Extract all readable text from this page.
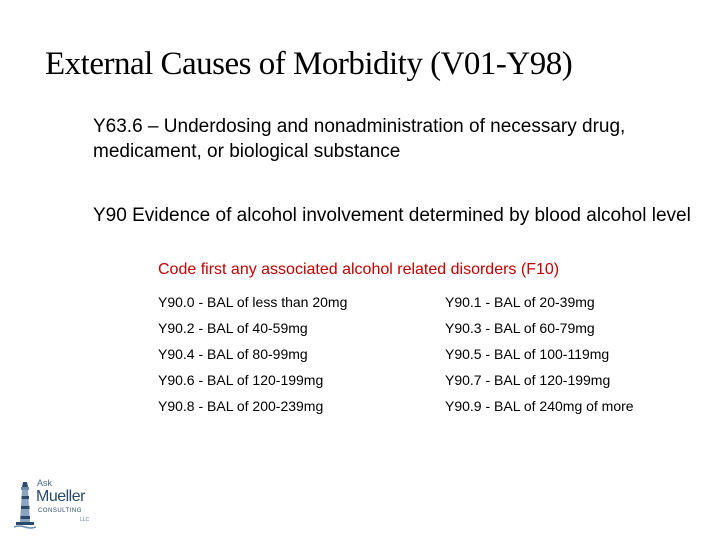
External Causes of Morbidity (V01-Y98)
Y63.6 – Underdosing and nonadministration of necessary drug, medicament, or biological substance
Y90 Evidence of alcohol involvement determined by blood alcohol level
Code first any associated alcohol related disorders (F10)
Y90.0 - BAL of less than 20mg
Y90.2 - BAL of 40-59mg
Y90.4 - BAL of 80-99mg
Y90.6 - BAL of 120-199mg
Y90.8 - BAL of 200-239mg
Y90.1 - BAL of 20-39mg
Y90.3 - BAL of 60-79mg
Y90.5 - BAL of 100-119mg
Y90.7 - BAL of 120-199mg
Y90.9 - BAL of 240mg of more
Ask
Mueller
CONSULTING
LLC
